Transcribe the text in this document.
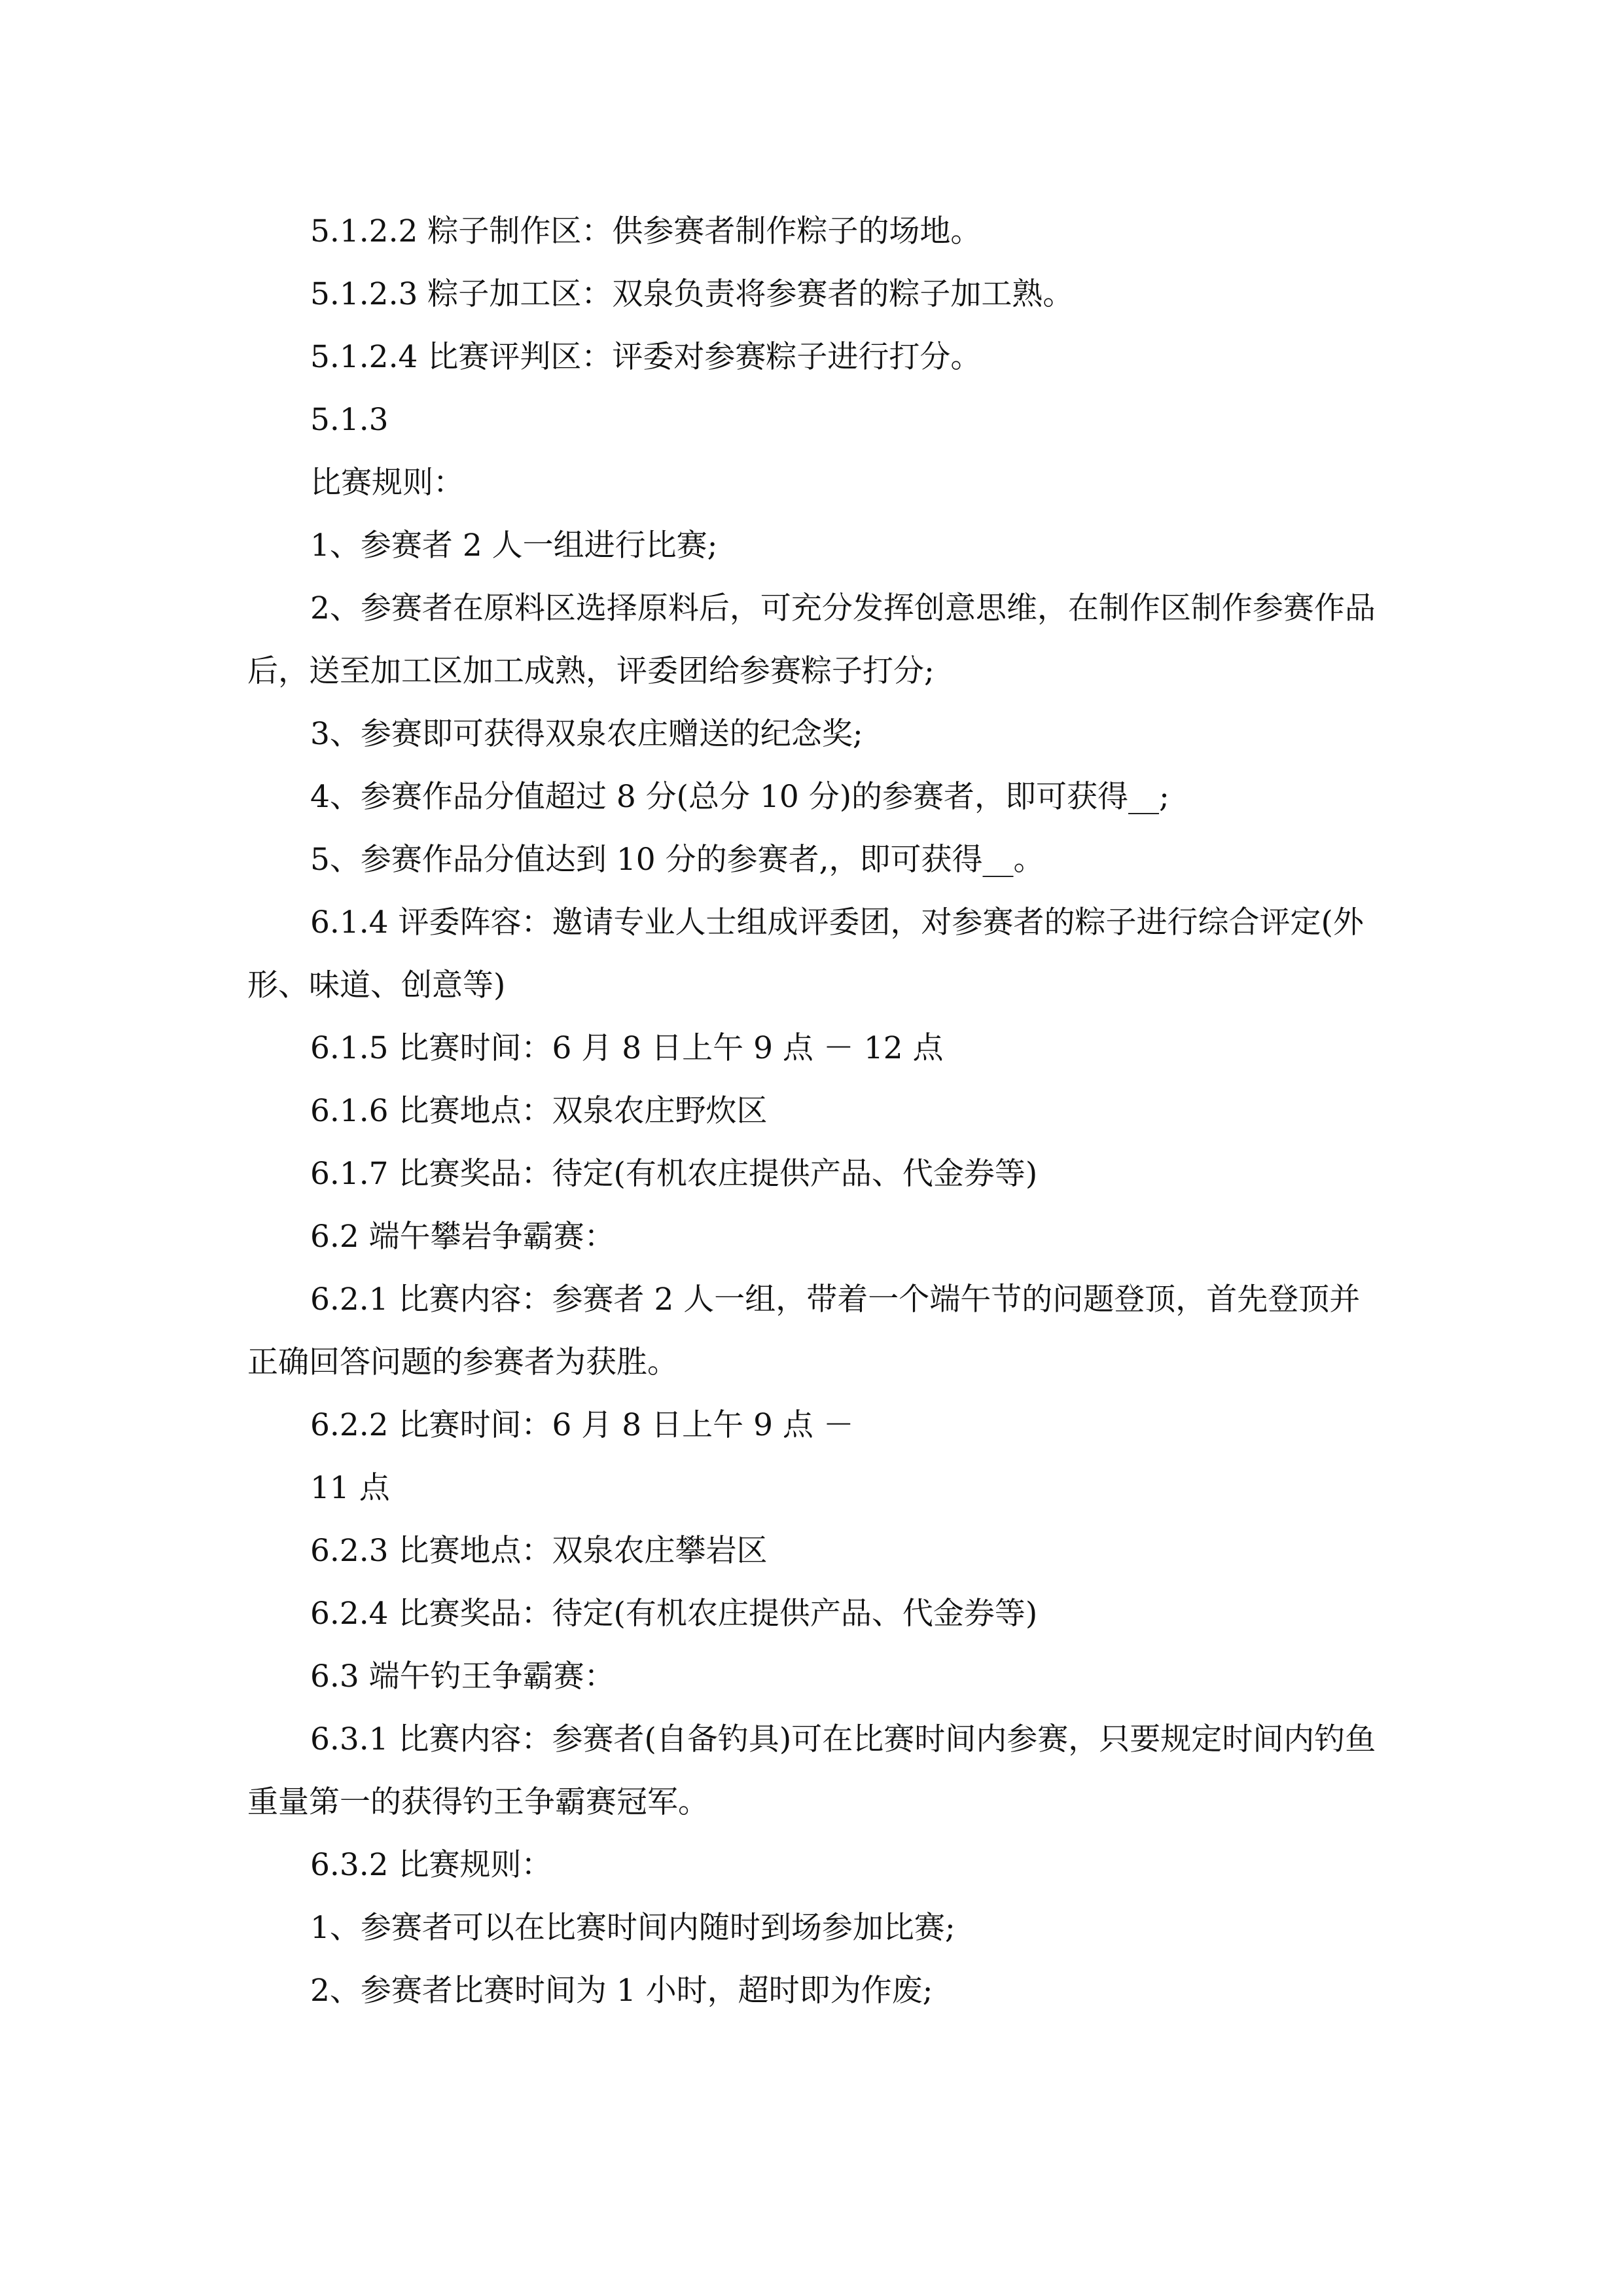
5.1.2.2 粽子制作区：供参赛者制作粽子的场地。

5.1.2.3 粽子加工区：双泉负责将参赛者的粽子加工熟。

5.1.2.4 比赛评判区：评委对参赛粽子进行打分。

5.1.3

比赛规则：

1、参赛者 2 人一组进行比赛;

2、参赛者在原料区选择原料后，可充分发挥创意思维，在制作区制作参赛作品后，送至加工区加工成熟，评委团给参赛粽子打分;

3、参赛即可获得双泉农庄赠送的纪念奖;

4、参赛作品分值超过 8 分(总分 10 分)的参赛者，即可获得__;

5、参赛作品分值达到 10 分的参赛者,，即可获得__。

6.1.4 评委阵容：邀请专业人士组成评委团，对参赛者的粽子进行综合评定(外形、味道、创意等)

6.1.5 比赛时间：6 月 8 日上午 9 点 － 12 点

6.1.6 比赛地点：双泉农庄野炊区

6.1.7 比赛奖品：待定(有机农庄提供产品、代金券等)

6.2 端午攀岩争霸赛：

6.2.1 比赛内容：参赛者 2 人一组，带着一个端午节的问题登顶，首先登顶并正确回答问题的参赛者为获胜。

6.2.2 比赛时间：6 月 8 日上午 9 点 －

11 点

6.2.3 比赛地点：双泉农庄攀岩区

6.2.4 比赛奖品：待定(有机农庄提供产品、代金券等)

6.3 端午钓王争霸赛：

6.3.1 比赛内容：参赛者(自备钓具)可在比赛时间内参赛，只要规定时间内钓鱼重量第一的获得钓王争霸赛冠军。

6.3.2 比赛规则：

1、参赛者可以在比赛时间内随时到场参加比赛;

2、参赛者比赛时间为 1 小时，超时即为作废;
